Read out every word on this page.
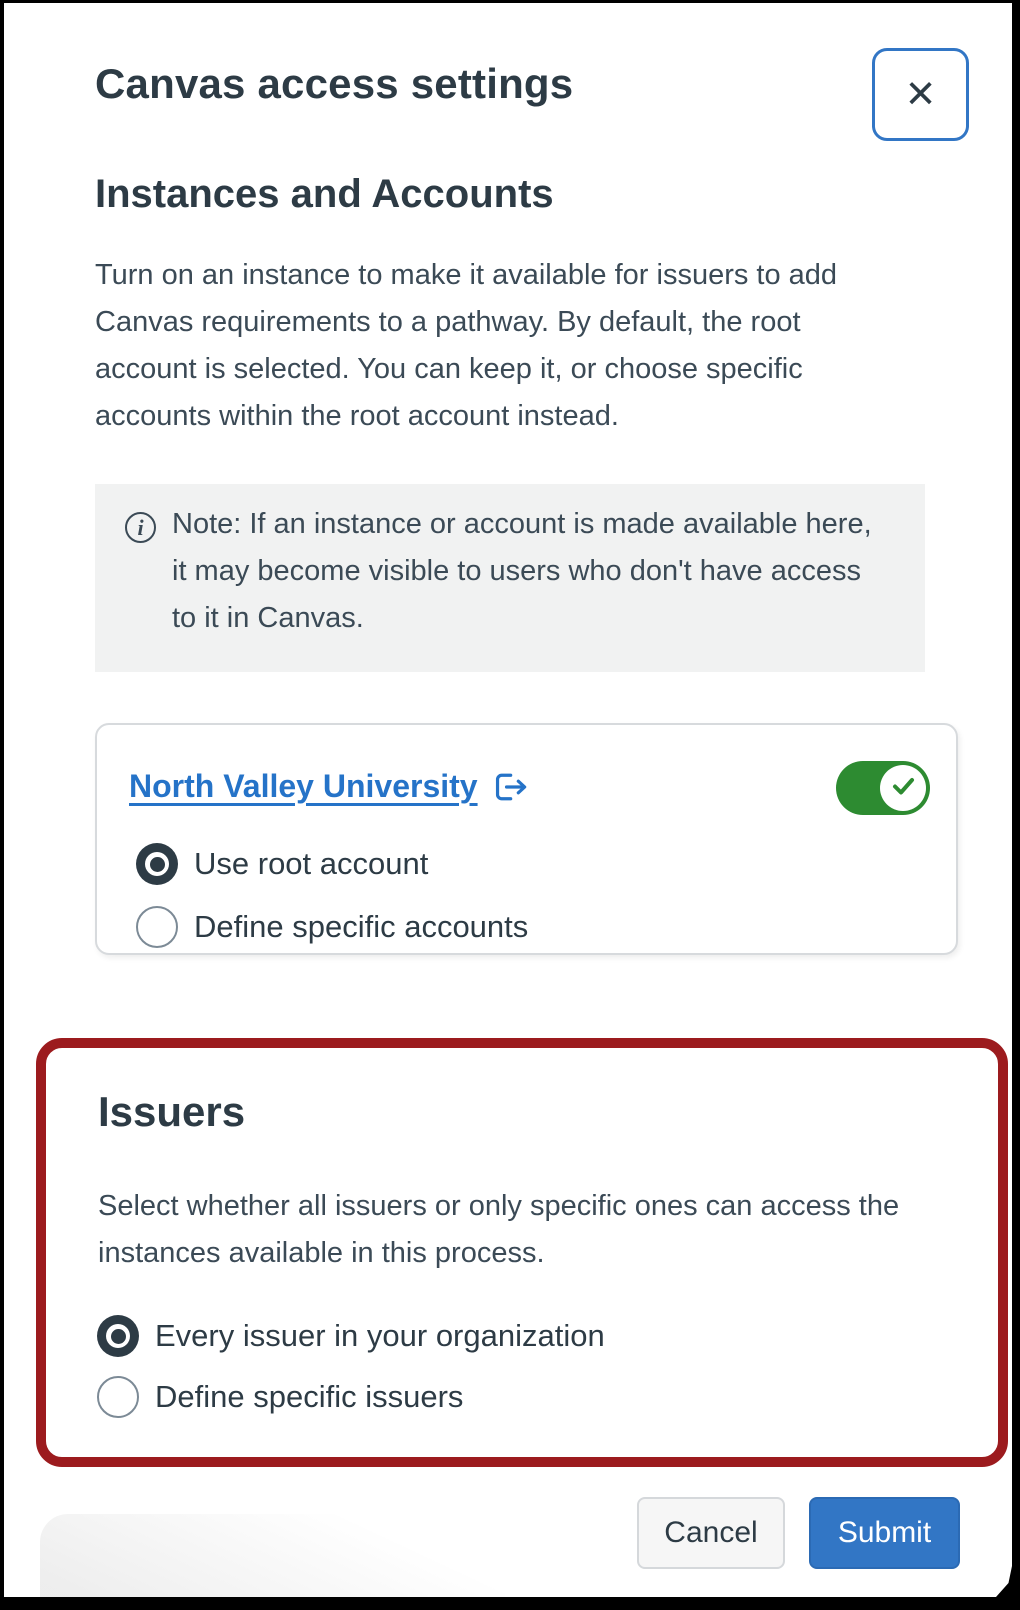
Canvas access settings	✕
Instances and Accounts
Turn on an instance to make it available for issuers to add
Canvas requirements to a pathway. By default, the root
account is selected. You can keep it, or choose specific
accounts within the root account instead.
i Note: If an instance or account is made available here,
it may become visible to users who don't have access
to it in Canvas.
North Valley University
Use root account
Define specific accounts
Issuers
Select whether all issuers or only specific ones can access the
instances available in this process.
Every issuer in your organization
Define specific issuers
Cancel	Submit
